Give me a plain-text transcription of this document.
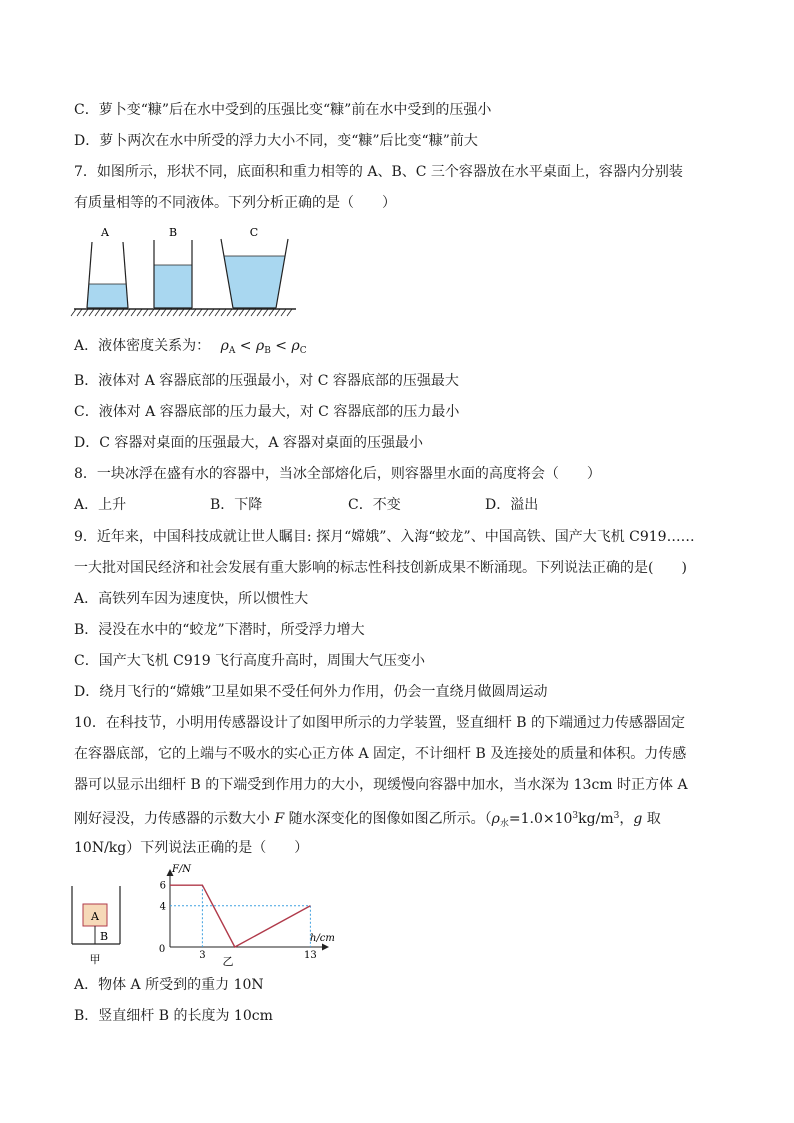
C．萝卜变“糠”后在水中受到的压强比变“糠”前在水中受到的压强小
D．萝卜两次在水中所受的浮力大小不同，变“糠”后比变“糠”前大
7．如图所示，形状不同，底面积和重力相等的 A、B、C 三个容器放在水平桌面上，容器内分别装
有质量相等的不同液体。下列分析正确的是（　　）
A	B	C
A．液体密度关系为： $\rho_A < \rho_B < \rho_C$
B．液体对 A 容器底部的压强最小，对 C 容器底部的压强最大
C．液体对 A 容器底部的压力最大，对 C 容器底部的压力最小
D．C 容器对桌面的压强最大，A 容器对桌面的压强最小
8．一块冰浮在盛有水的容器中，当冰全部熔化后，则容器里水面的高度将会（　　）
A．上升	B．下降	C．不变	D．溢出
9．近年来，中国科技成就让世人瞩目: 探月“嫦娥”、入海“蛟龙”、中国高铁、国产大飞机 C919……
一大批对国民经济和社会发展有重大影响的标志性科技创新成果不断涌现。下列说法正确的是(　　)
A．高铁列车因为速度快，所以惯性大
B．浸没在水中的“蛟龙”下潜时，所受浮力增大
C．国产大飞机 C919 飞行高度升高时，周围大气压变小
D．绕月飞行的“嫦娥”卫星如果不受任何外力作用，仍会一直绕月做圆周运动
10．在科技节，小明用传感器设计了如图甲所示的力学装置，竖直细杆 B 的下端通过力传感器固定
在容器底部，它的上端与不吸水的实心正方体 A 固定，不计细杆 B 及连接处的质量和体积。力传感
器可以显示出细杆 B 的下端受到作用力的大小，现缓慢向容器中加水，当水深为 13cm 时正方体 A
刚好浸没，力传感器的示数大小 F 随水深变化的图像如图乙所示。（$\rho_水=1.0\times 10^3kg/m^3$，g 取
10N/kg）下列说法正确的是（　　）
A
B
甲
F/N
h/cm
0
6
4
3	13
乙
A．物体 A 所受到的重力 10N
B．竖直细杆 B 的长度为 10cm
